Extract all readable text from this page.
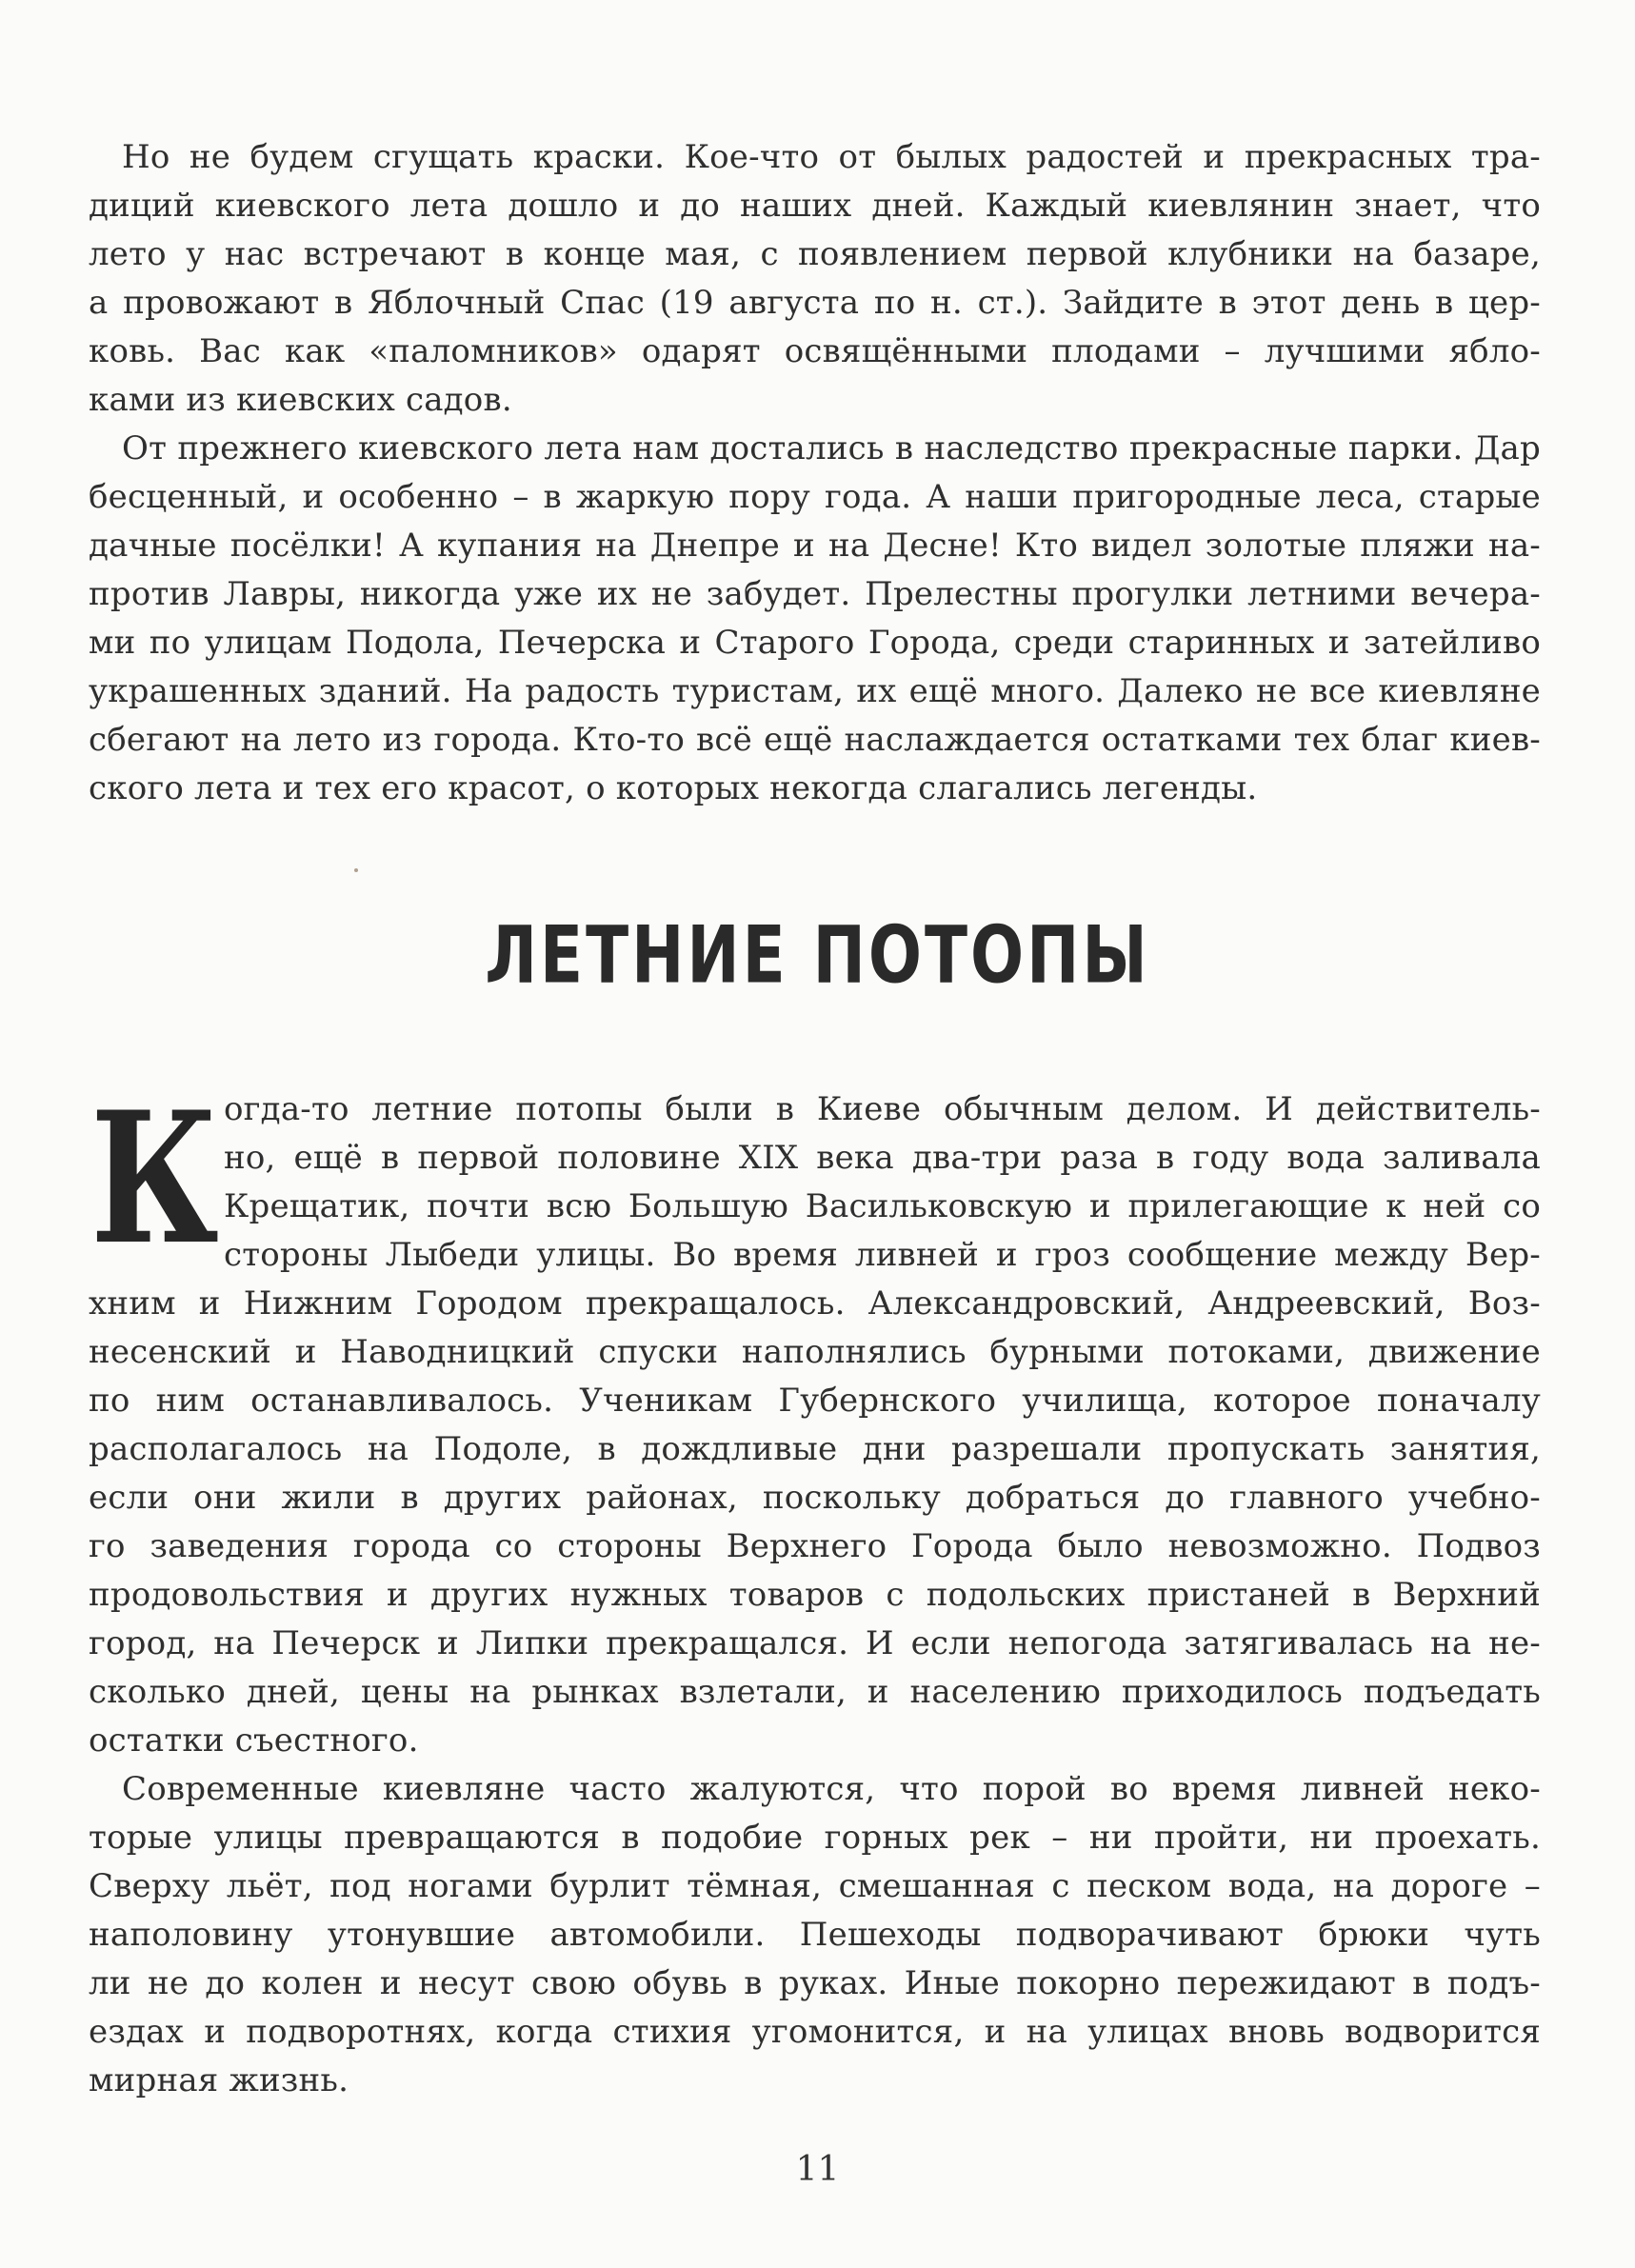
Но не будем сгущать краски. Кое-что от былых радостей и прекрасных тра-
диций киевского лета дошло и до наших дней. Каждый киевлянин знает, что
лето у нас встречают в конце мая, с появлением первой клубники на базаре,
а провожают в Яблочный Спас (19 августа по н. ст.). Зайдите в этот день в цер-
ковь. Вас как «паломников» одарят освящёнными плодами – лучшими ябло-
ками из киевских садов.
От прежнего киевского лета нам достались в наследство прекрасные парки. Дар
бесценный, и особенно – в жаркую пору года. А наши пригородные леса, старые
дачные посёлки! А купания на Днепре и на Десне! Кто видел золотые пляжи на-
против Лавры, никогда уже их не забудет. Прелестны прогулки летними вечера-
ми по улицам Подола, Печерска и Старого Города, среди старинных и затейливо
украшенных зданий. На радость туристам, их ещё много. Далеко не все киевляне
сбегают на лето из города. Кто-то всё ещё наслаждается остатками тех благ киев-
ского лета и тех его красот, о которых некогда слагались легенды.
ЛЕТНИЕ ПОТОПЫ
К огда-то летние потопы были в Киеве обычным делом. И действитель-
но, ещё в первой половине XIX века два-три раза в году вода заливала
Крещатик, почти всю Большую Васильковскую и прилегающие к ней со
стороны Лыбеди улицы. Во время ливней и гроз сообщение между Вер-
хним и Нижним Городом прекращалось. Александровский, Андреевский, Воз-
несенский и Наводницкий спуски наполнялись бурными потоками, движение
по ним останавливалось. Ученикам Губернского училища, которое поначалу
располагалось на Подоле, в дождливые дни разрешали пропускать занятия,
если они жили в других районах, поскольку добраться до главного учебно-
го заведения города со стороны Верхнего Города было невозможно. Подвоз
продовольствия и других нужных товаров с подольских пристаней в Верхний
город, на Печерск и Липки прекращался. И если непогода затягивалась на не-
сколько дней, цены на рынках взлетали, и населению приходилось подъедать
остатки съестного.
Современные киевляне часто жалуются, что порой во время ливней неко-
торые улицы превращаются в подобие горных рек – ни пройти, ни проехать.
Сверху льёт, под ногами бурлит тёмная, смешанная с песком вода, на дороге –
наполовину утонувшие автомобили. Пешеходы подворачивают брюки чуть
ли не до колен и несут свою обувь в руках. Иные покорно пережидают в подъ-
ездах и подворотнях, когда стихия угомонится, и на улицах вновь водворится
мирная жизнь.
11
